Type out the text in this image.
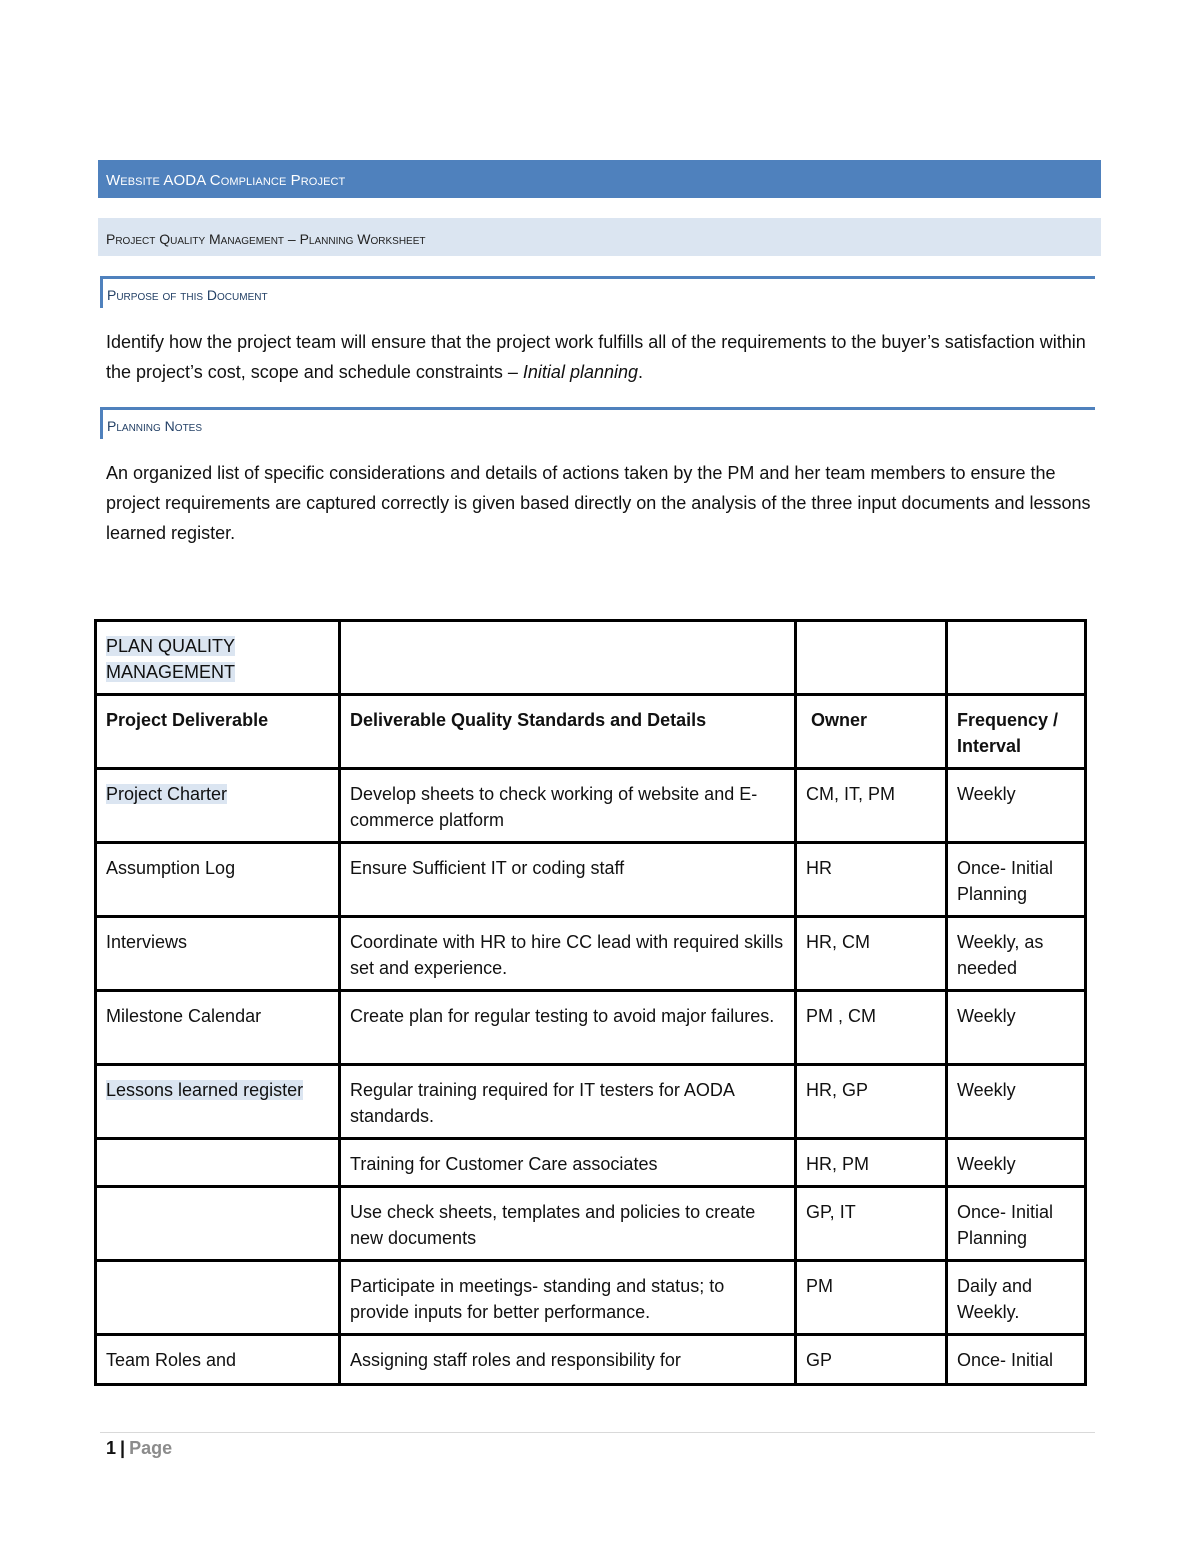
Website AODA Compliance Project
Project Quality Management – Planning Worksheet
Purpose of this Document
Identify how the project team will ensure that the project work fulfills all of the requirements to the buyer’s satisfaction within the project’s cost, scope and schedule constraints – Initial planning.
Planning Notes
An organized list of specific considerations and details of actions taken by the PM and her team members to ensure the project requirements are captured correctly is given based directly on the analysis of the three input documents and lessons learned register.
PLAN QUALITY MANAGEMENT			
Project Deliverable	Deliverable Quality Standards and Details	Owner	Frequency / Interval
Project Charter	Develop sheets to check working of website and E-commerce platform	CM, IT, PM	Weekly
Assumption Log	Ensure Sufficient IT or coding staff	HR	Once- Initial Planning
Interviews	Coordinate with HR to hire CC lead with required skills set and experience.	HR, CM	Weekly, as needed
Milestone Calendar	Create plan for regular testing to avoid major failures.	PM , CM	Weekly
Lessons learned register	Regular training required for IT testers for AODA standards.	HR, GP	Weekly
	Training for Customer Care associates	HR, PM	Weekly
	Use check sheets, templates and policies to create new documents	GP, IT	Once- Initial Planning
	Participate in meetings- standing and status; to provide inputs for better performance.	PM	Daily and Weekly.
Team Roles and	Assigning staff roles and responsibility for	GP	Once- Initial
1 | Page
